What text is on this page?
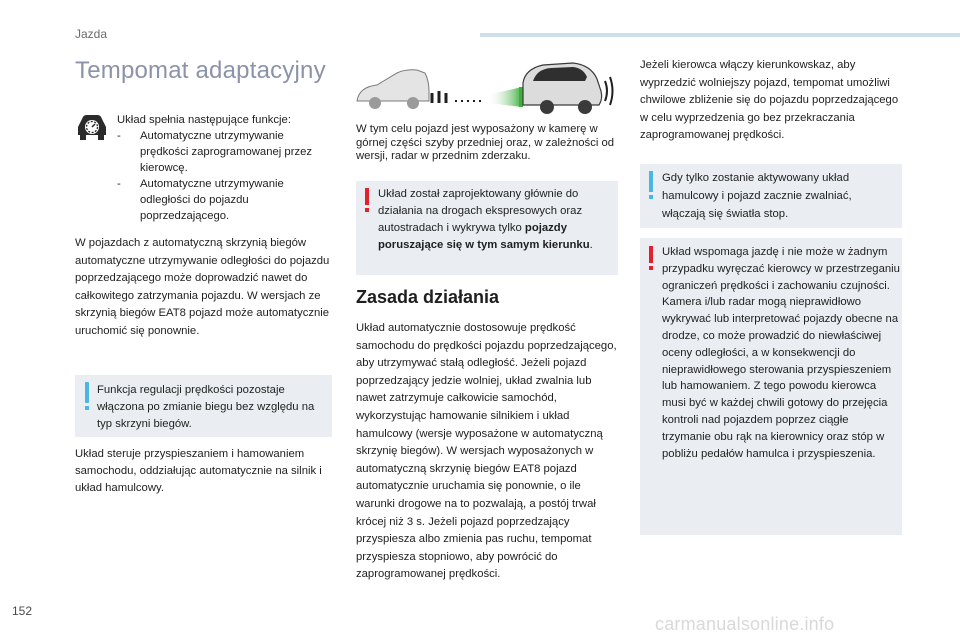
Jazda
Tempomat adaptacyjny
Układ spełnia następujące funkcje:
- Automatyczne utrzymywanie prędkości zaprogramowanej przez kierowcę.
- Automatyczne utrzymywanie odległości do pojazdu poprzedzającego.

W pojazdach z automatyczną skrzynią biegów automatyczne utrzymywanie odległości do pojazdu poprzedzającego może doprowadzić nawet do całkowitego zatrzymania pojazdu. W wersjach ze skrzynią biegów EAT8 pojazd może automatycznie uruchomić się ponownie.

Funkcja regulacji prędkości pozostaje włączona po zmianie biegu bez względu na typ skrzyni biegów.

Układ steruje przyspieszaniem i hamowaniem samochodu, oddziałując automatycznie na silnik i układ hamulcowy.

W tym celu pojazd jest wyposażony w kamerę w górnej części szyby przedniej oraz, w zależności od wersji, radar w przednim zderzaku.

Układ został zaprojektowany głównie do działania na drogach ekspresowych oraz autostradach i wykrywa tylko pojazdy poruszające się w tym samym kierunku.

Zasada działania

Układ automatycznie dostosowuje prędkość samochodu do prędkości pojazdu poprzedzającego, aby utrzymywać stałą odległość. Jeżeli pojazd poprzedzający jedzie wolniej, układ zwalnia lub nawet zatrzymuje całkowicie samochód, wykorzystując hamowanie silnikiem i układ hamulcowy (wersje wyposażone w automatyczną skrzynię biegów). W wersjach wyposażonych w automatyczną skrzynię biegów EAT8 pojazd automatycznie uruchamia się ponownie, o ile warunki drogowe na to pozwalają, a postój trwał krócej niż 3 s. Jeżeli pojazd poprzedzający przyspiesza albo zmienia pas ruchu, tempomat przyspiesza stopniowo, aby powrócić do zaprogramowanej prędkości.

Jeżeli kierowca włączy kierunkowskaz, aby wyprzedzić wolniejszy pojazd, tempomat umożliwi chwilowe zbliżenie się do pojazdu poprzedzającego w celu wyprzedzenia go bez przekraczania zaprogramowanej prędkości.

Gdy tylko zostanie aktywowany układ hamulcowy i pojazd zacznie zwalniać, włączają się światła stop.

Układ wspomaga jazdę i nie może w żadnym przypadku wyręczać kierowcy w przestrzeganiu ograniczeń prędkości i zachowaniu czujności. Kamera i/lub radar mogą nieprawidłowo wykrywać lub interpretować pojazdy obecne na drodze, co może prowadzić do niewłaściwej oceny odległości, a w konsekwencji do nieprawidłowego sterowania przyspieszeniem lub hamowaniem. Z tego powodu kierowca musi być w każdej chwili gotowy do przejęcia kontroli nad pojazdem poprzez ciągłe trzymanie obu rąk na kierownicy oraz stóp w pobliżu pedałów hamulca i przyspieszenia.

152
carmanualsonline.info
